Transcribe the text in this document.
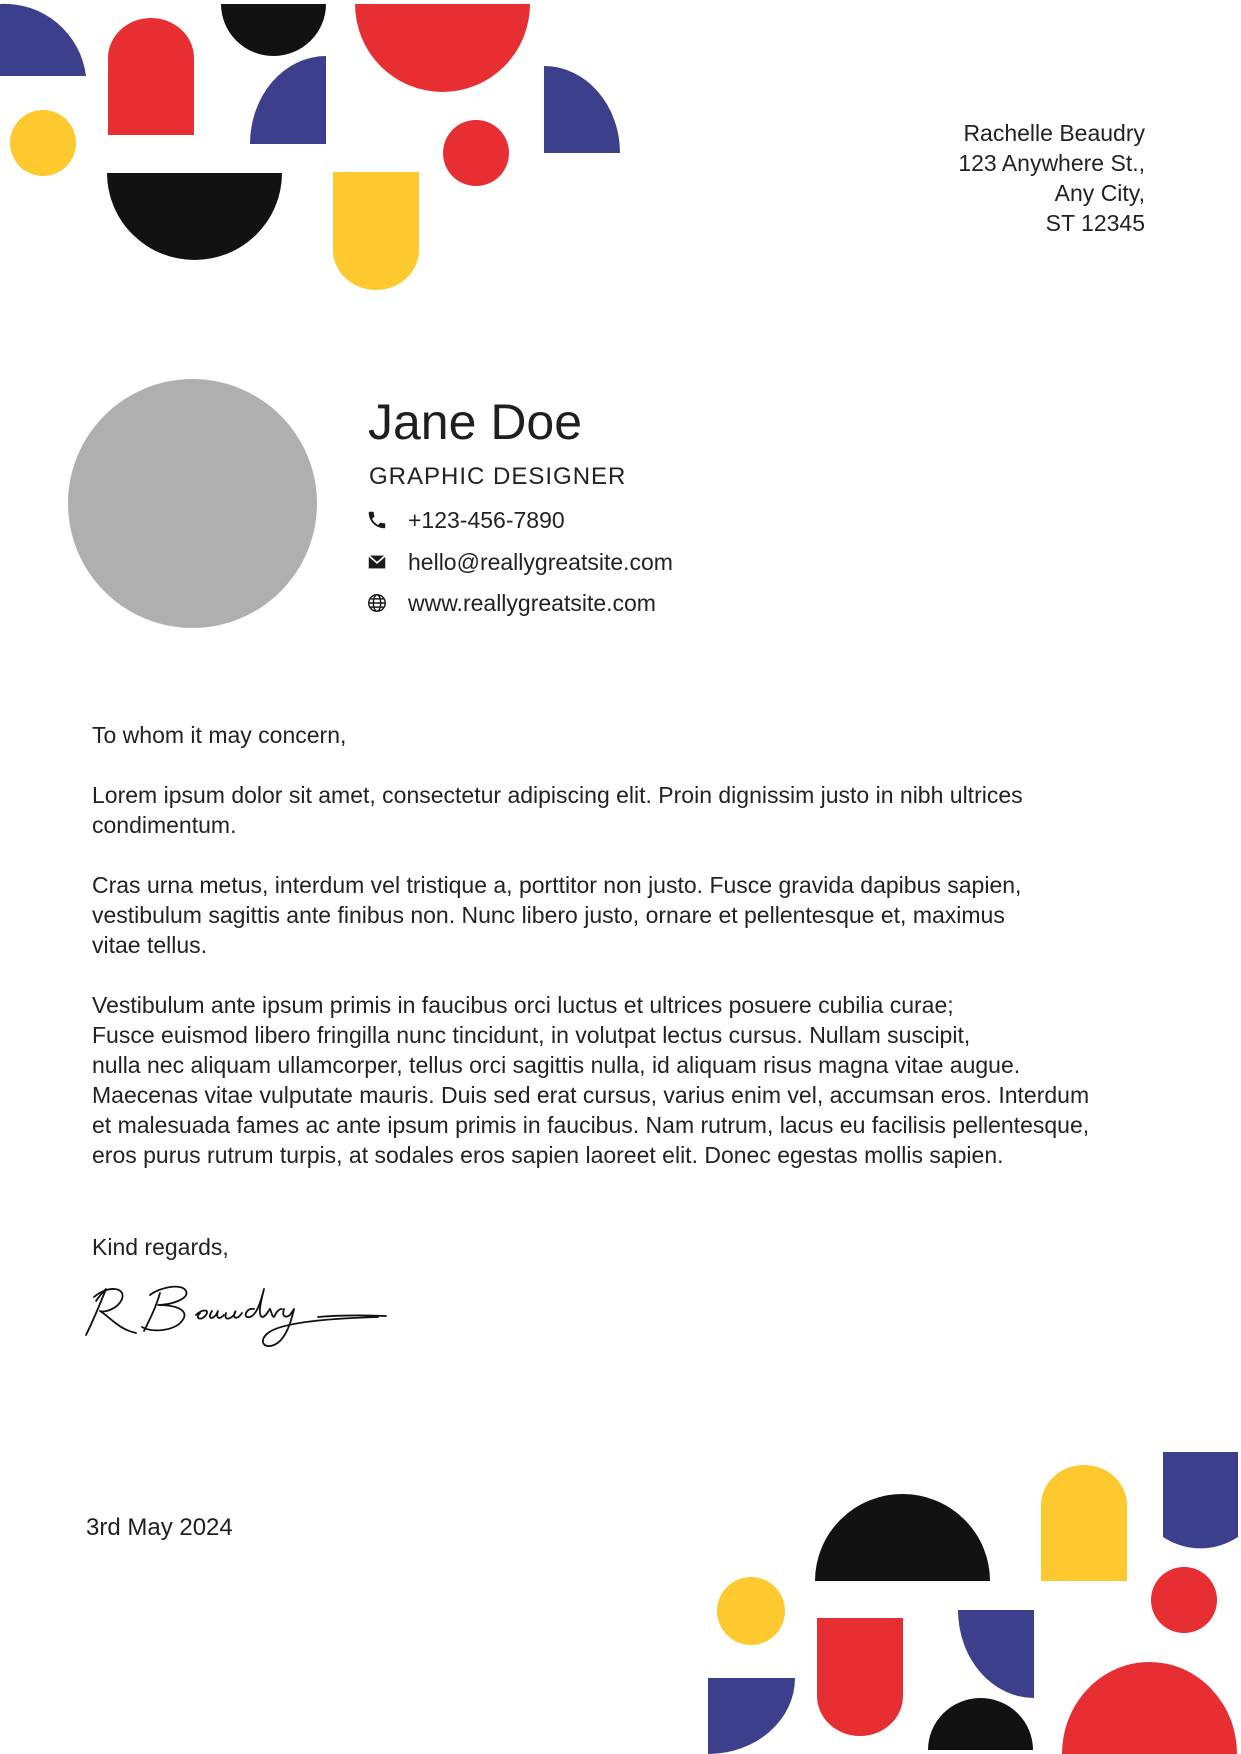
Rachelle Beaudry
123 Anywhere St.,
Any City,
ST 12345
Jane Doe
GRAPHIC DESIGNER
+123-456-7890
hello@reallygreatsite.com
www.reallygreatsite.com

To whom it may concern,

Lorem ipsum dolor sit amet, consectetur adipiscing elit. Proin dignissim justo in nibh ultrices
condimentum.

Cras urna metus, interdum vel tristique a, porttitor non justo. Fusce gravida dapibus sapien,
vestibulum sagittis ante finibus non. Nunc libero justo, ornare et pellentesque et, maximus
vitae tellus.

Vestibulum ante ipsum primis in faucibus orci luctus et ultrices posuere cubilia curae;
Fusce euismod libero fringilla nunc tincidunt, in volutpat lectus cursus. Nullam suscipit,
nulla nec aliquam ullamcorper, tellus orci sagittis nulla, id aliquam risus magna vitae augue.
Maecenas vitae vulputate mauris. Duis sed erat cursus, varius enim vel, accumsan eros. Interdum
et malesuada fames ac ante ipsum primis in faucibus. Nam rutrum, lacus eu facilisis pellentesque,
eros purus rutrum turpis, at sodales eros sapien laoreet elit. Donec egestas mollis sapien.

Kind regards,
3rd May 2024
